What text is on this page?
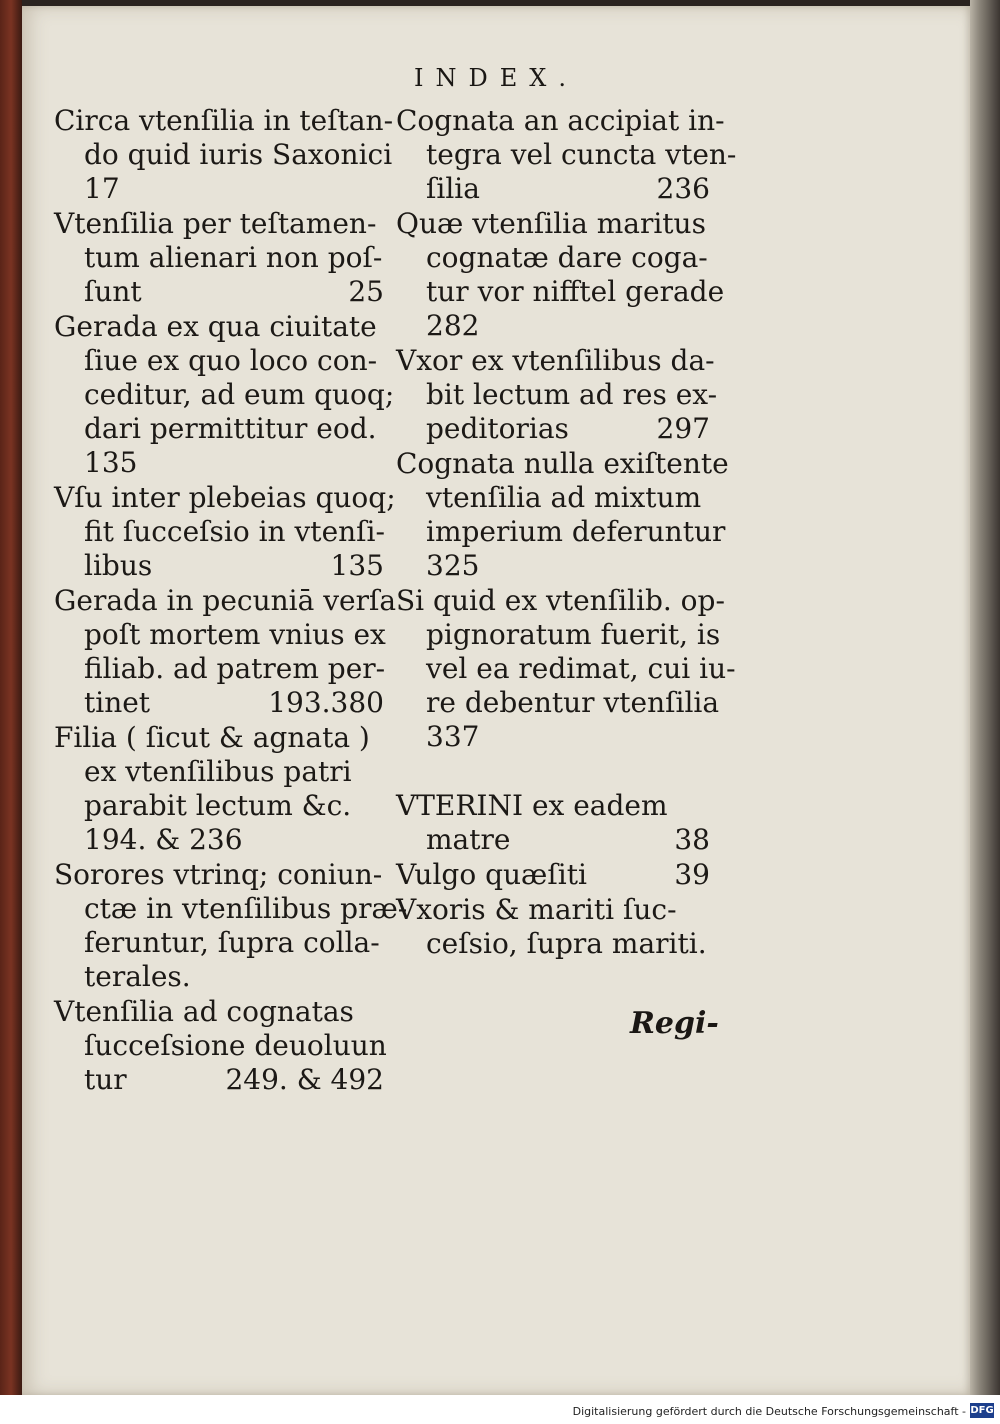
INDEX.
Circa vtenſilia in teſtan-
do quid iuris Saxonici
17
Vtenſilia per teſtamen-
tum alienari non poſ-
ſunt	25
Gerada ex qua ciuitate
ſiue ex quo loco con-
ceditur, ad eum quoq;
dari permittitur eod.
135
Vſu inter plebeias quoq;
fit ſucceſsio in vtenſi-
libus	135
Gerada in pecuniā verſa
poſt mortem vnius ex
filiab. ad patrem per-
tinet	193.380
Filia ( ſicut & agnata )
ex vtenſilibus patri
parabit lectum &c.
194. & 236
Sorores vtrinq; coniun-
ctæ in vtenſilibus præ-
feruntur, ſupra colla-
terales.
Vtenſilia ad cognatas
ſucceſsione deuoluun
tur	249. & 492
Cognata an accipiat in-
tegra vel cuncta vten-
ſilia	236
Quæ vtenſilia maritus
cognatæ dare coga-
tur vor nifftel gerade
282
Vxor ex vtenſilibus da-
bit lectum ad res ex-
peditorias	297
Cognata nulla exiſtente
vtenſilia ad mixtum
imperium deferuntur
325
Si quid ex vtenſilib. op-
pignoratum fuerit, is
vel ea redimat, cui iu-
re debentur vtenſilia
337
VTERINI ex eadem
matre	38
Vulgo quæſiti	39
Vxoris & mariti ſuc-
ceſsio, ſupra mariti.
Regi-
Digitalisierung gefördert durch die Deutsche Forschungsgemeinschaft - DFG
